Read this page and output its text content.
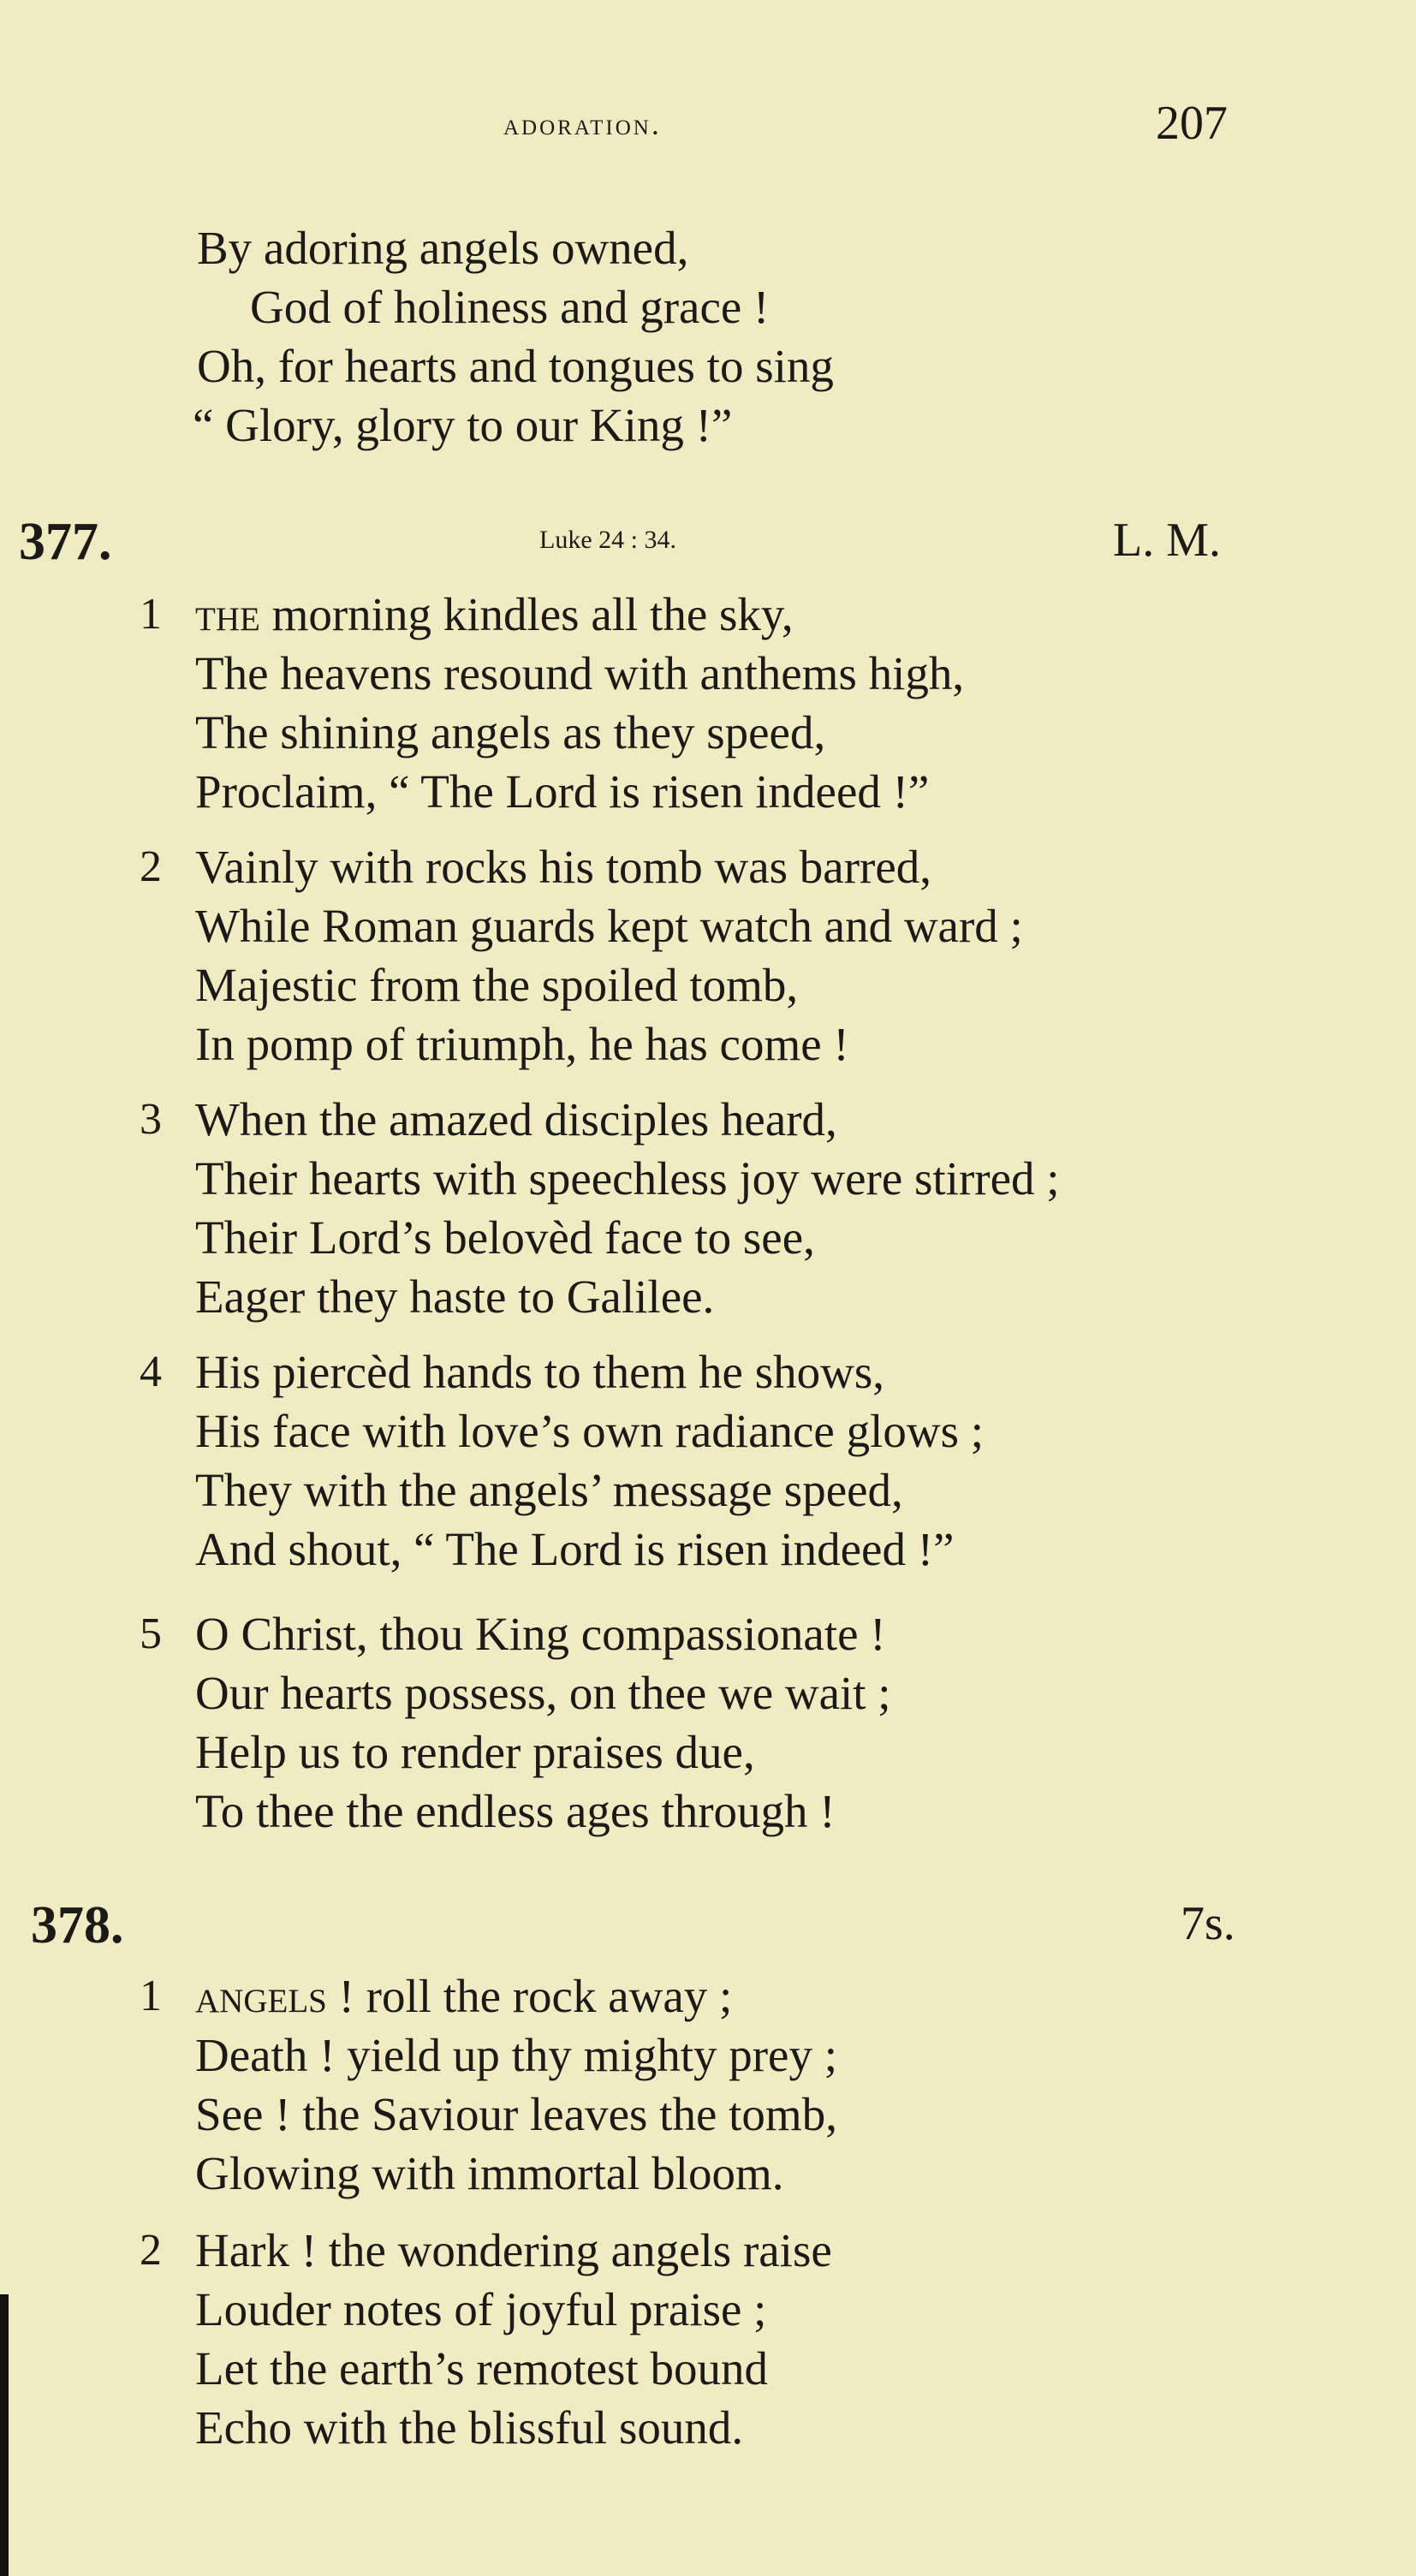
adoration.	207
By adoring angels owned,
God of holiness and grace !
Oh, for hearts and tongues to sing
“ Glory, glory to our King !”
377.	Luke 24 : 34.	L. M.
1 the morning kindles all the sky,
The heavens resound with anthems high,
The shining angels as they speed,
Proclaim, “ The Lord is risen indeed !”
2 Vainly with rocks his tomb was barred,
While Roman guards kept watch and ward ;
Majestic from the spoiled tomb,
In pomp of triumph, he has come !
3 When the amazed disciples heard,
Their hearts with speechless joy were stirred ;
Their Lord’s belovèd face to see,
Eager they haste to Galilee.
4 His piercèd hands to them he shows,
His face with love’s own radiance glows ;
They with the angels’ message speed,
And shout, “ The Lord is risen indeed !”
5 O Christ, thou King compassionate !
Our hearts possess, on thee we wait ;
Help us to render praises due,
To thee the endless ages through !
378.	7s.
1 angels ! roll the rock away ;
Death ! yield up thy mighty prey ;
See ! the Saviour leaves the tomb,
Glowing with immortal bloom.
2 Hark ! the wondering angels raise
Louder notes of joyful praise ;
Let the earth’s remotest bound
Echo with the blissful sound.
